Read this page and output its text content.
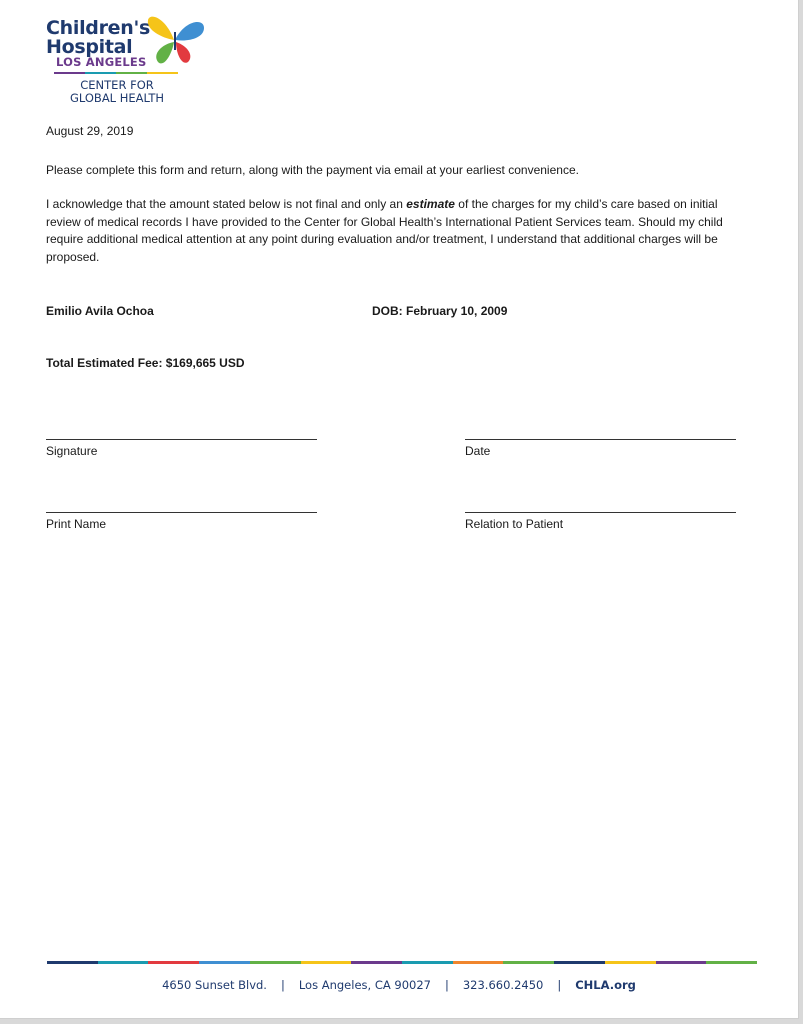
Children's
Hospital
LOS ANGELES
CENTER FOR
GLOBAL HEALTH
August 29, 2019
Please complete this form and return, along with the payment via email at your earliest convenience.
I acknowledge that the amount stated below is not final and only an estimate of the charges for my child’s care based on initial review of medical records I have provided to the Center for Global Health’s International Patient Services team. Should my child require additional medical attention at any point during evaluation and/or treatment, I understand that additional charges will be proposed.
Emilio Avila Ochoa	DOB: February 10, 2009
Total Estimated Fee: $169,665 USD
Signature	Date
Print Name	Relation to Patient
4650 Sunset Blvd. | Los Angeles, CA 90027 | 323.660.2450 | CHLA.org
